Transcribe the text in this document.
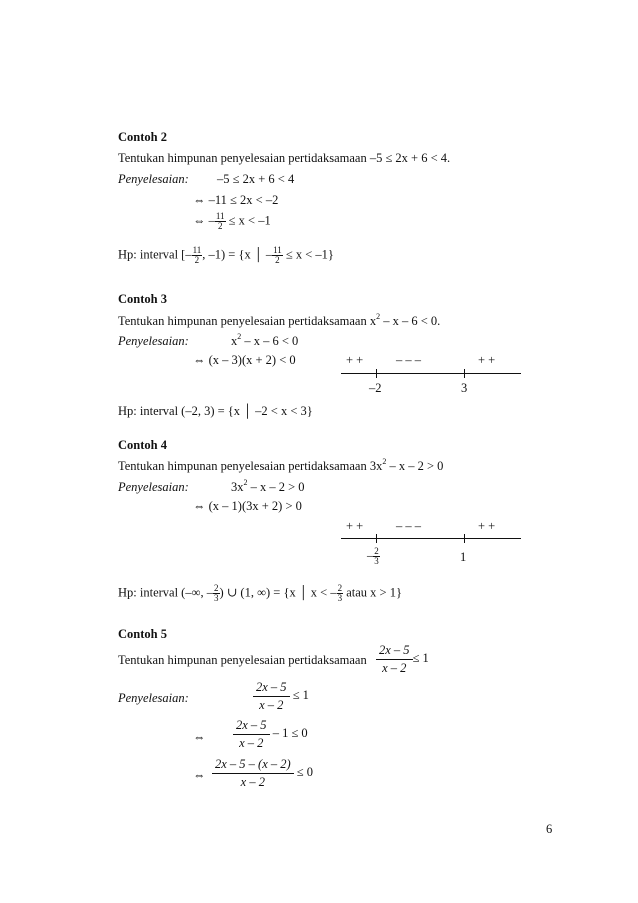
Contoh 2
Tentukan himpunan penyelesaian pertidaksamaan –5 ≤ 2x + 6 < 4.
Penyelesaian: –5 ≤ 2x + 6 < 4
⇔ –11 ≤ 2x < –2
⇔ – $\frac{11}{2} \le x < -1$
Hp: interval [– $\frac{11}{2}$ , –1) = {x │ – $\frac{11}{2} \le x < -1$}
Contoh 3
Tentukan himpunan penyelesaian pertidaksamaan $x^2 - x - 6 < 0$.
Penyelesaian:	$x^2 - x - 6 < 0$
⇔ (x – 3)(x + 2) < 0	+ +	– – –	+ +
–2	3
Hp: interval (–2, 3) = {x │ –2 < x < 3}
Contoh 4
Tentukan himpunan penyelesaian pertidaksamaan $3x^2 - x - 2 > 0$
Penyelesaian:	$3x^2 - x - 2 > 0$
⇔ (x – 1)(3x + 2) > 0
+ +	– – –	+ +
– $\frac{2}{3}$	1
Hp: interval (–∞, – $\frac{2}{3}$ ) ∪ (1, ∞) = {x │ x < – $\frac{2}{3}$ atau x > 1}
Contoh 5
Tentukan himpunan penyelesaian pertidaksamaan $\frac{2x - 5}{x - 2} \le 1$
Penyelesaian:	$\frac{2x - 5}{x - 2} \le 1$
⇔ $\frac{2x - 5}{x - 2} - 1 \le 0$
⇔ $\frac{2x - 5 - (x - 2)}{x - 2} \le 0$
6
